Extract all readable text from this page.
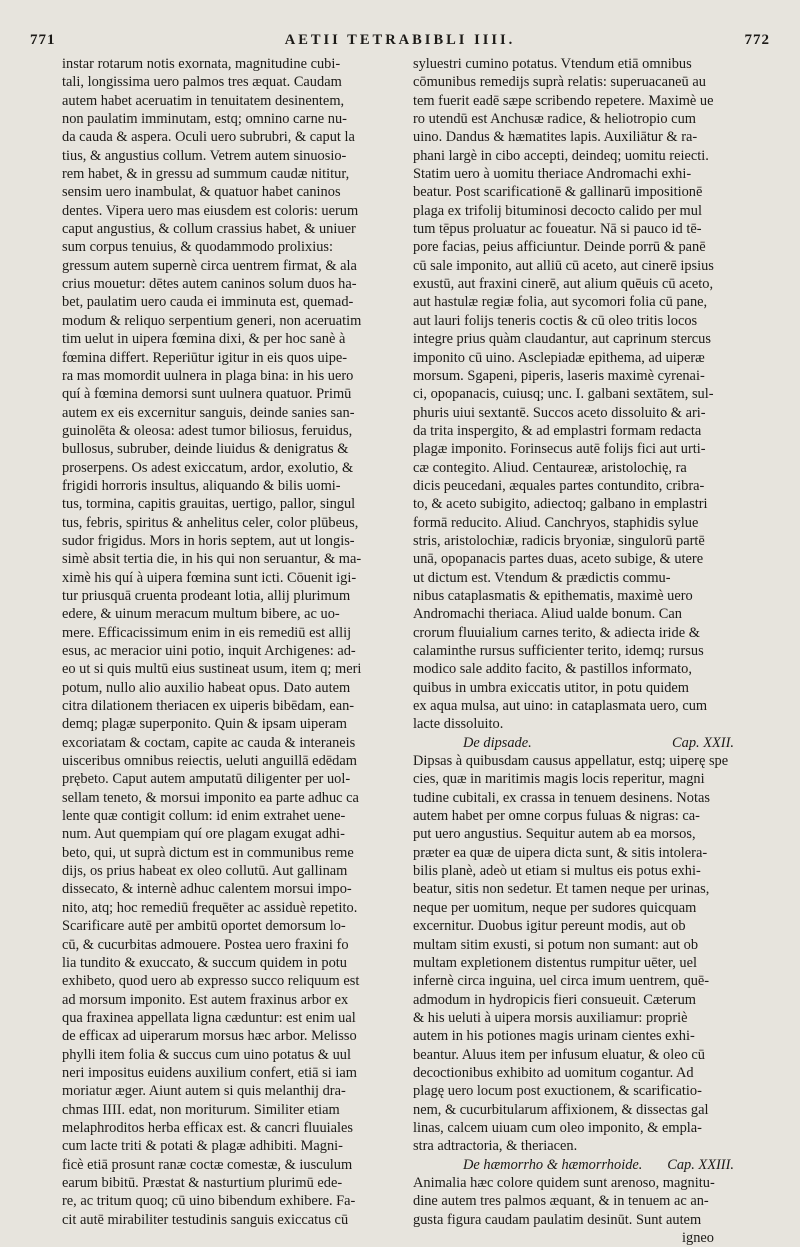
771	AETII TETRABIBLI IIII.	772
instar rotarum notis exornata, magnitudine cubi-
tali, longissima uero palmos tres æquat. Caudam
autem habet aceruatim in tenuitatem desinentem,
non paulatim imminutam, estq; omnino carne nu-
da cauda & aspera. Oculi uero subrubri, & caput la
tius, & angustius collum. Vetrem autem sinuosio-
rem habet, & in gressu ad summum caudæ nititur,
sensim uero inambulat, & quatuor habet caninos
dentes. Vipera uero mas eiusdem est coloris: uerum
caput angustius, & collum crassius habet, & uniuer
sum corpus tenuius, & quodammodo prolixius:
gressum autem supernè circa uentrem firmat, & ala
crius mouetur: dētes autem caninos solum duos ha-
bet, paulatim uero cauda ei imminuta est, quemad-
modum & reliquo serpentium generi, non aceruatim
tim uelut in uipera fœmina dixi, & per hoc sanè à
fœmina differt. Reperiūtur igitur in eis quos uipe-
ra mas momordit uulnera in plaga bina: in his uero
quí à fœmina demorsi sunt uulnera quatuor. Primū
autem ex eis excernitur sanguis, deinde sanies san-
guinolēta & oleosa: adest tumor biliosus, feruidus,
bullosus, subruber, deinde liuidus & denigratus &
proserpens. Os adest exiccatum, ardor, exolutio, &
frigidi horroris insultus, aliquando & bilis uomi-
tus, tormina, capitis grauitas, uertigo, pallor, singul
tus, febris, spiritus & anhelitus celer, color plūbeus,
sudor frigidus. Mors in horis septem, aut ut longis-
simè absit tertia die, in his qui non seruantur, & ma-
ximè his quí à uipera fœmina sunt icti. Cōuenit igi-
tur priusquā cruenta prodeant lotia, allij plurimum
edere, & uinum meracum multum bibere, ac uo-
mere. Efficacissimum enim in eis remediū est allij
esus, ac meracior uini potio, inquit Archigenes: ad-
eo ut si quis multū eius sustineat usum, item q; meri
potum, nullo alio auxilio habeat opus. Dato autem
citra dilationem theriacen ex uiperis bibēdam, ean-
demq; plagæ superponito. Quin & ipsam uiperam
excoriatam & coctam, capite ac cauda & interaneis
uisceribus omnibus reiectis, ueluti anguillā edēdam
prębeto. Caput autem amputatū diligenter per uol-
sellam teneto, & morsui imponito ea parte adhuc ca
lente quæ contigit collum: id enim extrahet uene-
num. Aut quempiam quí ore plagam exugat adhi-
beto, qui, ut suprà dictum est in communibus reme
dijs, os prius habeat ex oleo collutū. Aut gallinam
dissecato, & internè adhuc calentem morsui impo-
nito, atq; hoc remediū frequēter ac assiduè repetito.
Scarificare autē per ambitū oportet demorsum lo-
cū, & cucurbitas admouere. Postea uero fraxini fo
lia tundito & exuccato, & succum quidem in potu
exhibeto, quod uero ab expresso succo reliquum est
ad morsum imponito. Est autem fraxinus arbor ex
qua fraxinea appellata ligna cæduntur: est enim ual
de efficax ad uiperarum morsus hæc arbor. Melisso
phylli item folia & succus cum uino potatus & uul
neri impositus euidens auxilium confert, etiā si iam
moriatur æger. Aiunt autem si quis melanthij dra-
chmas IIII. edat, non moriturum. Similiter etiam
melaphroditos herba efficax est. & cancri fluuiales
cum lacte triti & potati & plagæ adhibiti. Magni-
ficè etiā prosunt ranæ coctæ comestæ, & iusculum
earum bibitū. Præstat & nasturtium plurimū ede-
re, ac tritum quoq; cū uino bibendum exhibere. Fa-
cit autē mirabiliter testudinis sanguis exiccatus cū
syluestri cumino potatus. Vtendum etiā omnibus
cōmunibus remedijs suprà relatis: superuacaneū au
tem fuerit eadē sæpe scribendo repetere. Maximè ue
ro utendū est Anchusæ radice, & heliotropio cum
uino. Dandus & hæmatites lapis. Auxiliātur & ra-
phani largè in cibo accepti, deindeq; uomitu reiecti.
Statim uero à uomitu theriace Andromachi exhi-
beatur. Post scarificationē & gallinarū impositionē
plaga ex trifolij bituminosi decocto calido per mul
tum tēpus proluatur ac foueatur. Nā si pauco id tē-
pore facias, peius afficiuntur. Deinde porrū & panē
cū sale imponito, aut alliū cū aceto, aut cinerē ipsius
exustū, aut fraxini cinerē, aut alium quēuis cū aceto,
aut hastulæ regiæ folia, aut sycomori folia cū pane,
aut lauri folijs teneris coctis & cū oleo tritis locos
integre prius quàm claudantur, aut caprinum stercus
imponito cū uino. Asclepiadæ epithema, ad uiperæ
morsum. Sgapeni, piperis, laseris maximè cyrenai-
ci, opopanacis, cuiusq; unc. I. galbani sextātem, sul-
phuris uiui sextantē. Succos aceto dissoluito & ari-
da trita inspergito, & ad emplastri formam redacta
plagæ imponito. Forinsecus autē folijs fici aut urti-
cæ contegito. Aliud. Centaureæ, aristolochię, ra
dicis peucedani, æquales partes contundito, cribra-
to, & aceto subigito, adiectoq; galbano in emplastri
formā reducito. Aliud. Canchryos, staphidis sylue
stris, aristolochiæ, radicis bryoniæ, singulorū partē
unā, opopanacis partes duas, aceto subige, & utere
ut dictum est. Vtendum & prædictis commu-
nibus cataplasmatis & epithematis, maximè uero
Andromachi theriaca. Aliud ualde bonum. Can
crorum fluuialium carnes terito, & adiecta iride &
calaminthe rursus sufficienter terito, idemq; rursus
modico sale addito facito, & pastillos informato,
quibus in umbra exiccatis utitor, in potu quidem
ex aqua mulsa, aut uino: in cataplasmata uero, cum
lacte dissoluito.
De dipsade.	Cap. XXII.
Dipsas à quibusdam causus appellatur, estq; uiperę spe
cies, quæ in maritimis magis locis reperitur, magni
tudine cubitali, ex crassa in tenuem desinens. Notas
autem habet per omne corpus fuluas & nigras: ca-
put uero angustius. Sequitur autem ab ea morsos,
præter ea quæ de uipera dicta sunt, & sitis intolera-
bilis planè, adeò ut etiam si multus eis potus exhi-
beatur, sitis non sedetur. Et tamen neque per urinas,
neque per uomitum, neque per sudores quicquam
excernitur. Duobus igitur pereunt modis, aut ob
multam sitim exusti, si potum non sumant: aut ob
multam expletionem distentus rumpitur uēter, uel
infernè circa inguina, uel circa imum uentrem, quē-
admodum in hydropicis fieri consueuit. Cæterum
& his ueluti à uipera morsis auxiliamur: propriè
autem in his potiones magis urinam cientes exhi-
beantur. Aluus item per infusum eluatur, & oleo cū
decoctionibus exhibito ad uomitum cogantur. Ad
plagę uero locum post exuctionem, & scarificatio-
nem, & cucurbitularum affixionem, & dissectas gal
linas, calcem uiuam cum oleo imponito, & empla-
stra adtractoria, & theriacen.
De hæmorrho & hæmorrhoide. Cap. XXIII.
Animalia hæc colore quidem sunt arenoso, magnitu-
dine autem tres palmos æquant, & in tenuem ac an-
gusta figura caudam paulatim desinūt. Sunt autem
igneo
